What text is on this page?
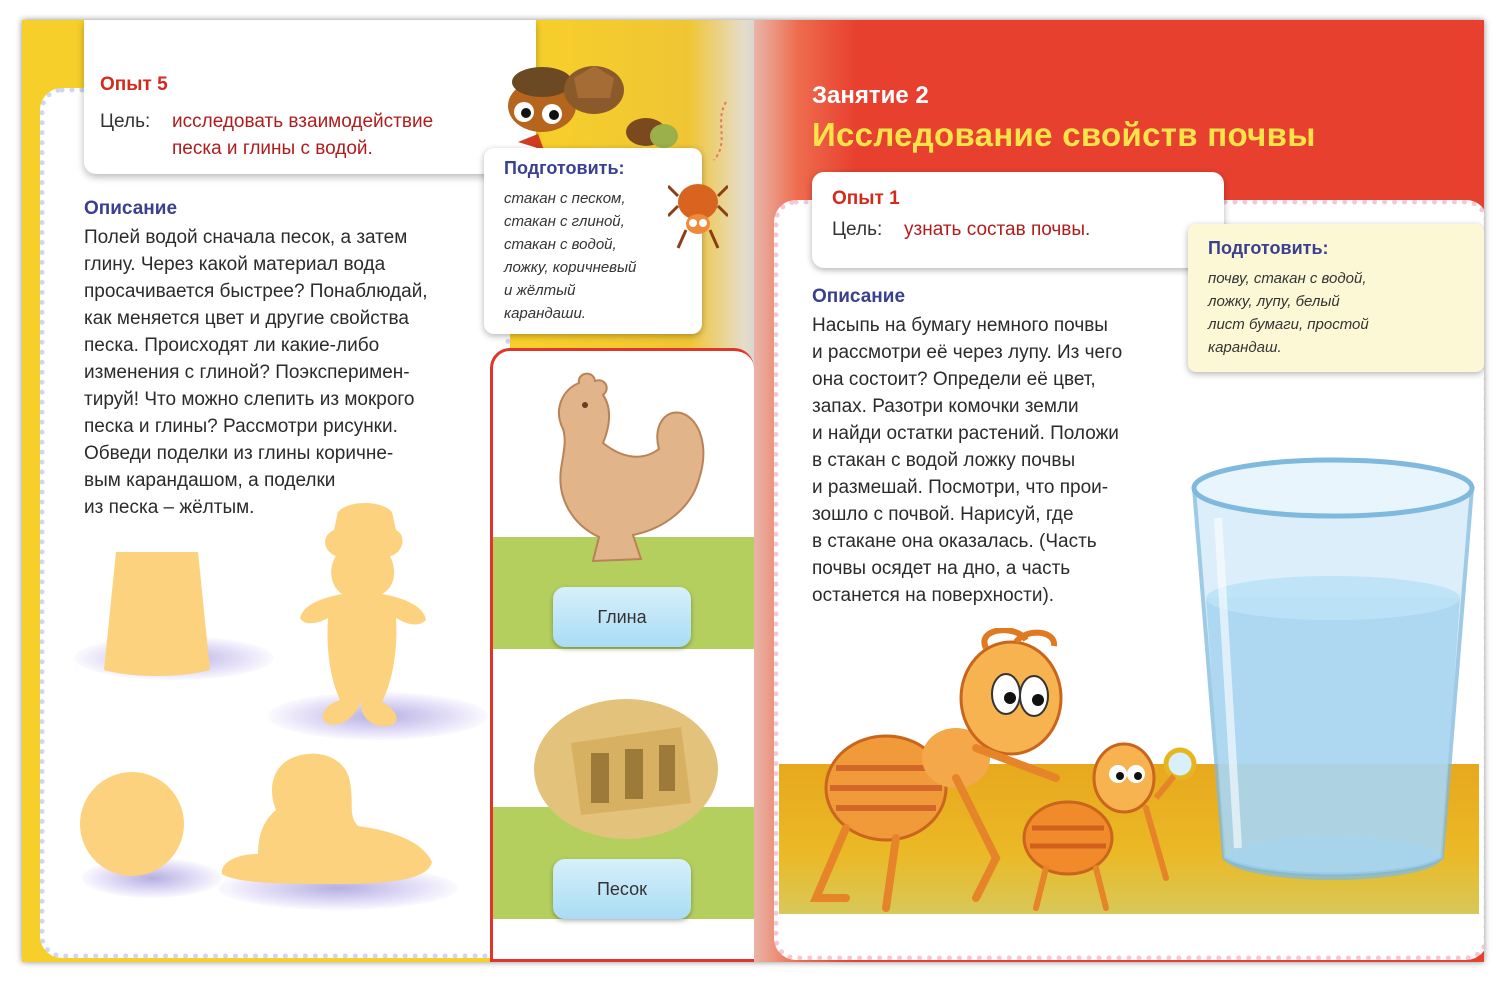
Опыт 5
Цель:	исследовать взаимодействие
песка и глины с водой.
Подготовить:
стакан с песком,
стакан с глиной,
стакан с водой,
ложку, коричневый
и жёлтый
карандаши.
Описание
Полей водой сначала песок, а затем
глину. Через какой материал вода
просачивается быстрее? Понаблюдай,
как меняется цвет и другие свойства
песка. Происходят ли какие-либо
изменения с глиной? Поэксперимен-
тируй! Что можно слепить из мокрого
песка и глины? Рассмотри рисунки.
Обведи поделки из глины коричне-
вым карандашом, а поделки
из песка – жёлтым.
Глина
Песок
Занятие 2
Исследование свойств почвы
Опыт 1
Цель:	узнать состав почвы.
Подготовить:
почву, стакан с водой,
ложку, лупу, белый
лист бумаги, простой
карандаш.
Описание
Насыпь на бумагу немного почвы
и рассмотри её через лупу. Из чего
она состоит? Определи её цвет,
запах. Разотри комочки земли
и найди остатки растений. Положи
в стакан с водой ложку почвы
и размешай. Посмотри, что прои-
зошло с почвой. Нарисуй, где
в стакане она оказалась. (Часть
почвы осядет на дно, а часть
останется на поверхности).
